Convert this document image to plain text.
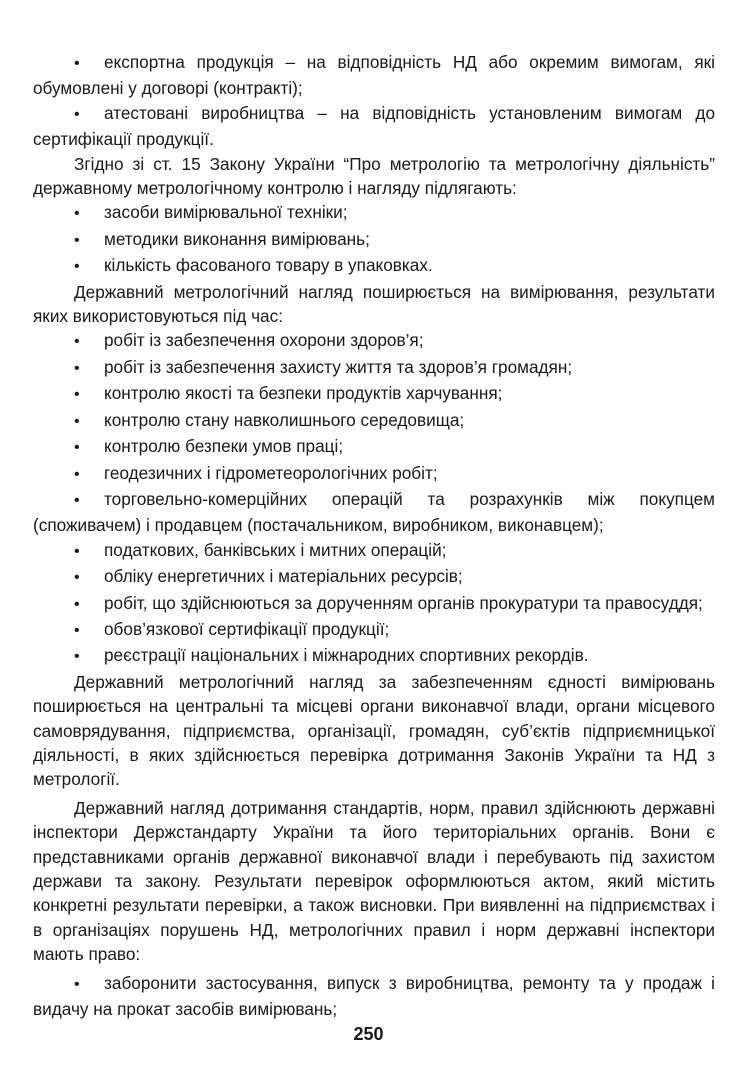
• експортна продукція – на відповідність НД або окремим вимогам, які обумовлені у договорі (контракті);

• атестовані виробництва – на відповідність установленим вимогам до сертифікації продукції.

Згідно зі ст. 15 Закону України “Про метрологію та метрологічну діяльність” державному метрологічному контролю і нагляду підлягають:

• засоби вимірювальної техніки;

• методики виконання вимірювань;

• кількість фасованого товару в упаковках.

Державний метрологічний нагляд поширюється на вимірювання, результати яких використовуються під час:

• робіт із забезпечення охорони здоров’я;

• робіт із забезпечення захисту життя та здоров’я громадян;

• контролю якості та безпеки продуктів харчування;

• контролю стану навколишнього середовища;

• контролю безпеки умов праці;

• геодезичних і гідрометеорологічних робіт;

• торговельно-комерційних операцій та розрахунків між покупцем (споживачем) і продавцем (постачальником, виробником, виконавцем);

• податкових, банківських і митних операцій;

• обліку енергетичних і матеріальних ресурсів;

• робіт, що здійснюються за дорученням органів прокуратури та правосуддя;

• обов’язкової сертифікації продукції;

• реєстрації національних і міжнародних спортивних рекордів.

Державний метрологічний нагляд за забезпеченням єдності вимірювань поширюється на центральні та місцеві органи виконавчої влади, органи місцевого самоврядування, підприємства, організації, громадян, суб’єктів підприємницької діяльності, в яких здійснюється перевірка дотримання Законів України та НД з метрології.

Державний нагляд дотримання стандартів, норм, правил здійснюють державні інспектори Держстандарту України та його територіальних органів. Вони є представниками органів державної виконавчої влади і перебувають під захистом держави та закону. Результати перевірок оформлюються актом, який містить конкретні результати перевірки, а також висновки. При виявленні на підприємствах і в організаціях порушень НД, метрологічних правил і норм державні інспектори мають право:

• заборонити застосування, випуск з виробництва, ремонту та у продаж і видачу на прокат засобів вимірювань;

250
